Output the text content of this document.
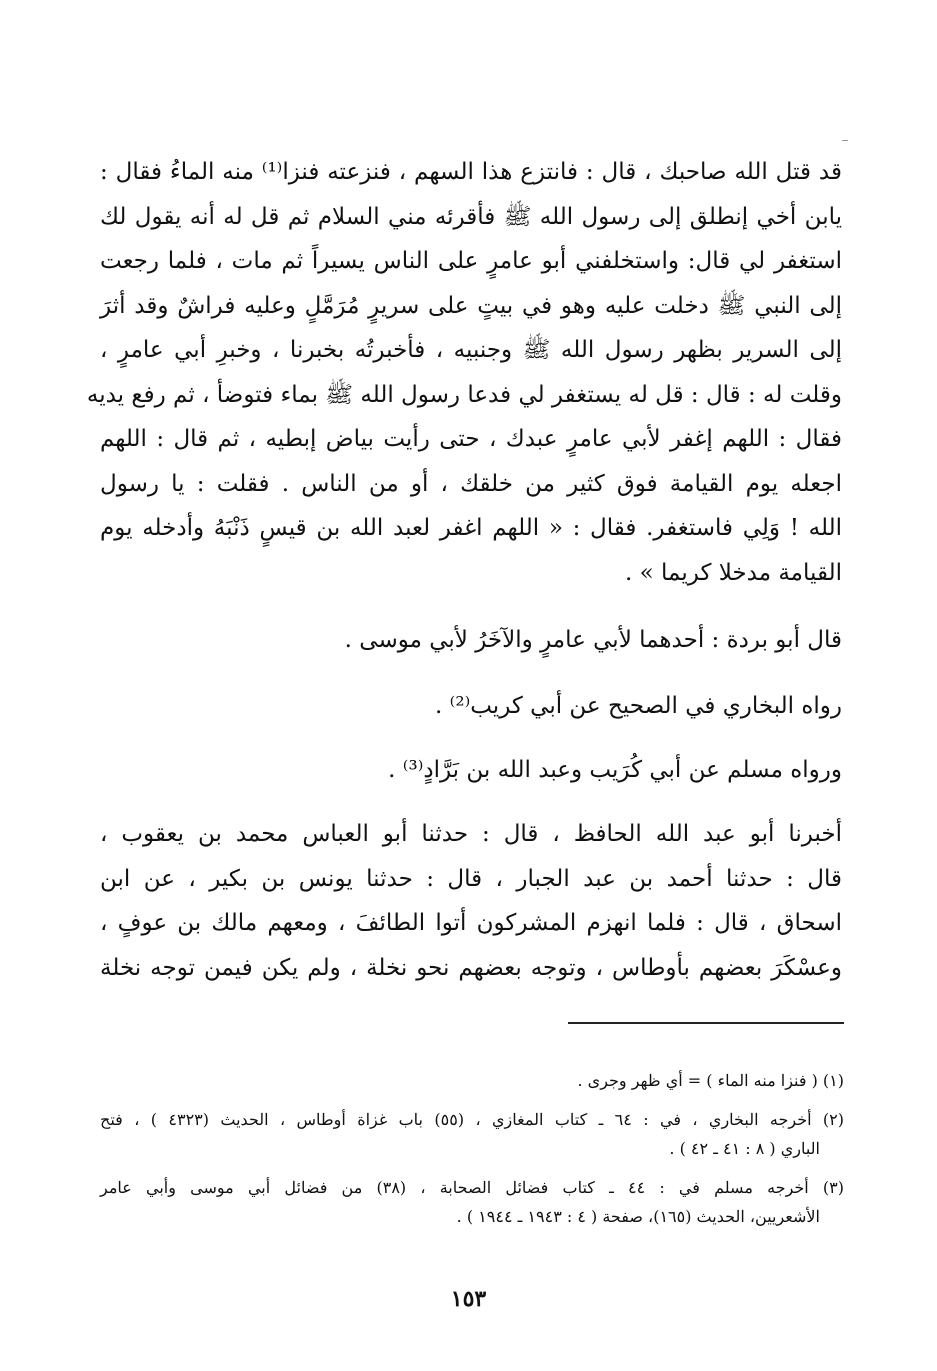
قد قتل الله صاحبك ، قال : فانتزع هذا السهم ، فنزعته فنزا⁽¹⁾ منه الماءُ فقال :
يابن أخي إنطلق إلى رسول الله ﷺ فأقرئه مني السلام ثم قل له أنه يقول لك
استغفر لي قال: واستخلفني أبو عامرٍ على الناس يسيراً ثم مات ، فلما رجعت
إلى النبي ﷺ دخلت عليه وهو في بيتٍ على سريرٍ مُرَمَّلٍ وعليه فراشٌ وقد أثرَ
إلى السرير بظهر رسول الله ﷺ وجنبيه ، فأخبرتُه بخبرنا ، وخبرِ أبي عامرٍ ،
وقلت له : قال : قل له يستغفر لي فدعا رسول الله ﷺ بماء فتوضأ ، ثم رفع يديه
فقال : اللهم إغفر لأبي عامرٍ عبدك ، حتى رأيت بياض إبطيه ، ثم قال : اللهم
اجعله يوم القيامة فوق كثير من خلقك ، أو من الناس . فقلت : يا رسول
الله ! وَلِي فاستغفر. فقال : « اللهم اغفر لعبد الله بن قيسٍ ذَنْبَهُ وأدخله يوم
القيامة مدخلا كريما » .
قال أبو بردة : أحدهما لأبي عامرٍ والآخَرُ لأبي موسى .
رواه البخاري في الصحيح عن أبي كريب⁽²⁾ .
ورواه مسلم عن أبي كُرَيب وعبد الله بن بَرَّادٍ⁽³⁾ .
أخبرنا أبو عبد الله الحافظ ، قال : حدثنا أبو العباس محمد بن يعقوب ،
قال : حدثنا أحمد بن عبد الجبار ، قال : حدثنا يونس بن بكير ، عن ابن
اسحاق ، قال : فلما انهزم المشركون أتوا الطائفَ ، ومعهم مالك بن عوفٍ ،
وعسْكَرَ بعضهم بأوطاس ، وتوجه بعضهم نحو نخلة ، ولم يكن فيمن توجه نخلة
(١) ( فنزا منه الماء ) = أي ظهر وجرى .
(٢) أخرجه البخاري ، في : ٦٤ ـ كتاب المغازي ، (٥٥) باب غزاة أوطاس ، الحديث (٤٣٢٣ ) ، فتح
الباري ( ٨ : ٤١ ـ ٤٢ ) .
(٣) أخرجه مسلم في : ٤٤ ـ كتاب فضائل الصحابة ، (٣٨) من فضائل أبي موسى وأبي عامر
الأشعريين، الحديث (١٦٥)، صفحة ( ٤ : ١٩٤٣ ـ ١٩٤٤ ) .
١٥٣
